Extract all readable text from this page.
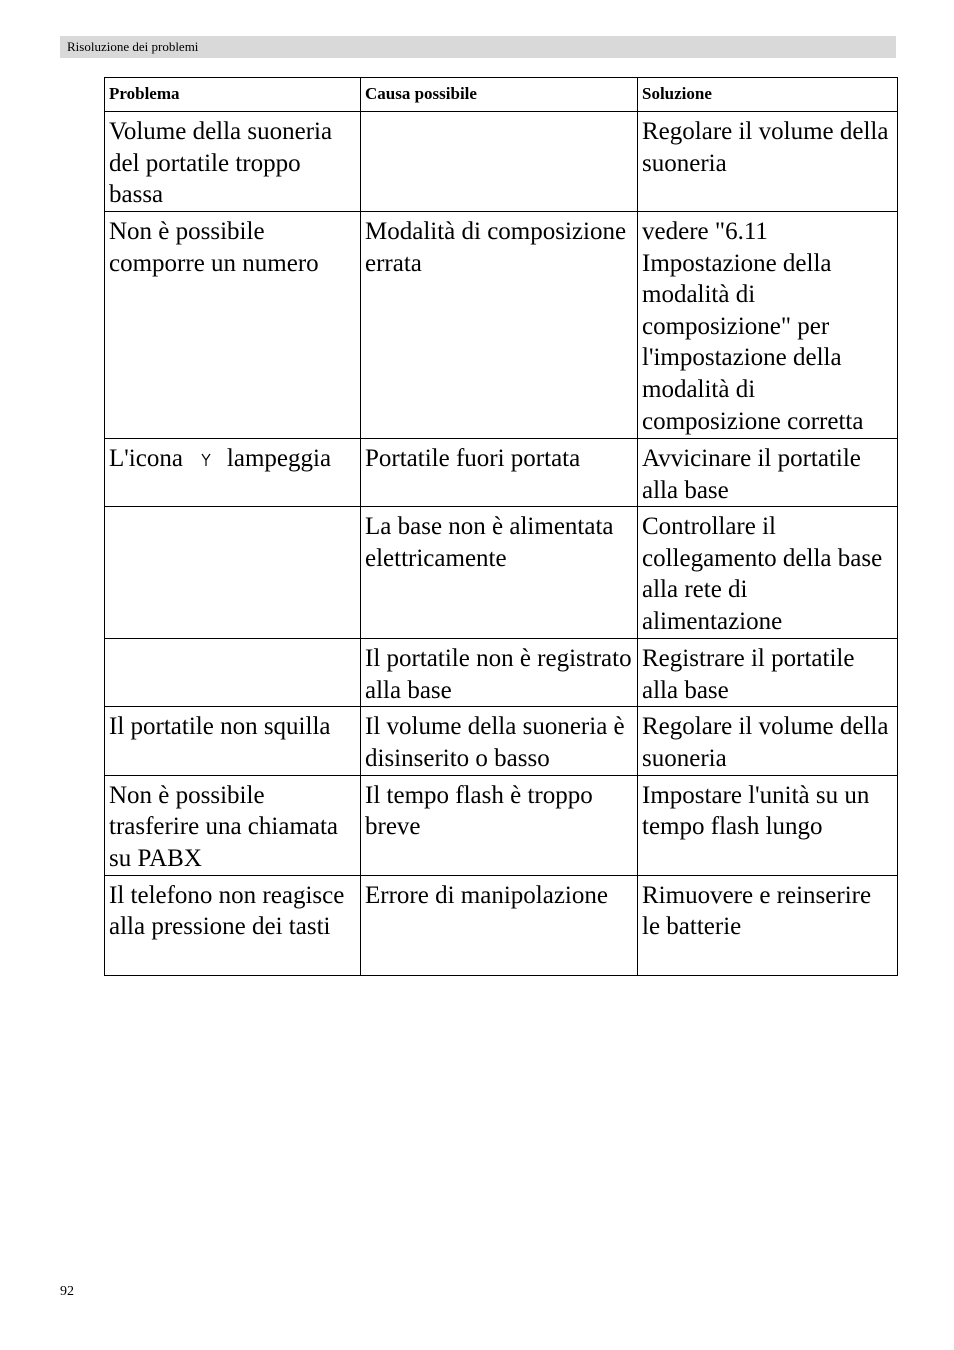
Risoluzione dei problemi
Problema	Causa possibile	Soluzione
Volume della suoneria del portatile troppo bassa		Regolare il volume della suoneria
Non è possibile comporre un numero	Modalità di composizione errata	vedere "6.11 Impostazione della modalità di composizione" per l'impostazione della modalità di composizione corretta
L'icona lampeggia	Portatile fuori portata	Avvicinare il portatile alla base
	La base non è alimentata elettricamente	Controllare il collegamento della base alla rete di alimentazione
	Il portatile non è registrato alla base	Registrare il portatile alla base
Il portatile non squilla	Il volume della suoneria è disinserito o basso	Regolare il volume della suoneria
Non è possibile trasferire una chiamata su PABX	Il tempo flash è troppo breve	Impostare l'unità su un tempo flash lungo
Il telefono non reagisce alla pressione dei tasti	Errore di manipolazione	Rimuovere e reinserire le batterie
92
